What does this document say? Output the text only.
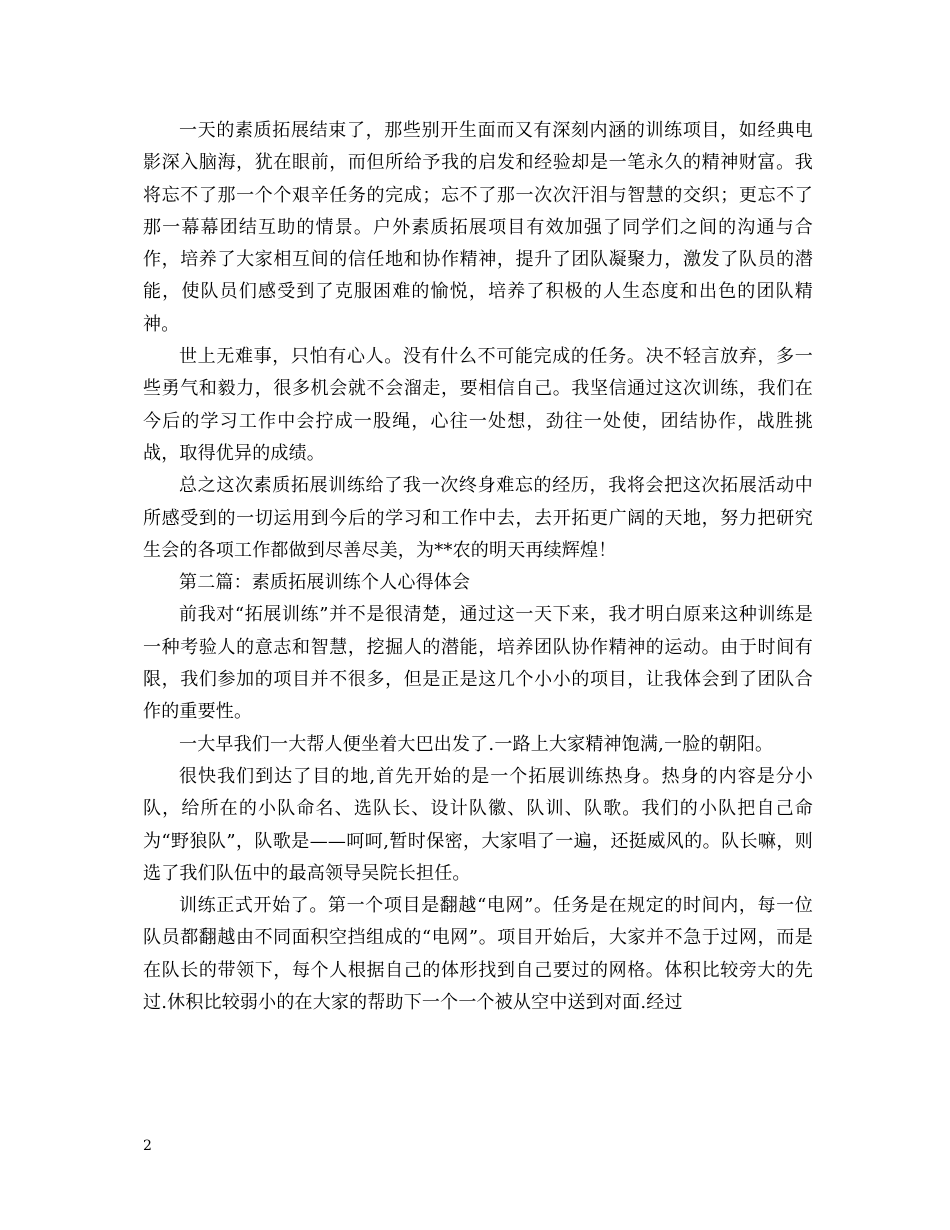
一天的素质拓展结束了，那些别开生面而又有深刻内涵的训练项目，如经典电影深入脑海，犹在眼前，而但所给予我的启发和经验却是一笔永久的精神财富。我将忘不了那一个个艰辛任务的完成；忘不了那一次次汗泪与智慧的交织；更忘不了那一幕幕团结互助的情景。户外素质拓展项目有效加强了同学们之间的沟通与合作，培养了大家相互间的信任地和协作精神，提升了团队凝聚力，激发了队员的潜能，使队员们感受到了克服困难的愉悦，培养了积极的人生态度和出色的团队精神。

世上无难事，只怕有心人。没有什么不可能完成的任务。决不轻言放弃，多一些勇气和毅力，很多机会就不会溜走，要相信自己。我坚信通过这次训练，我们在今后的学习工作中会拧成一股绳，心往一处想，劲往一处使，团结协作，战胜挑战，取得优异的成绩。

总之这次素质拓展训练给了我一次终身难忘的经历，我将会把这次拓展活动中所感受到的一切运用到今后的学习和工作中去，去开拓更广阔的天地，努力把研究生会的各项工作都做到尽善尽美，为**农的明天再续辉煌！

第二篇：素质拓展训练个人心得体会

前我对“拓展训练”并不是很清楚，通过这一天下来，我才明白原来这种训练是一种考验人的意志和智慧，挖掘人的潜能，培养团队协作精神的运动。由于时间有限，我们参加的项目并不很多，但是正是这几个小小的项目，让我体会到了团队合作的重要性。

一大早我们一大帮人便坐着大巴出发了.一路上大家精神饱满,一脸的朝阳。

很快我们到达了目的地,首先开始的是一个拓展训练热身。热身的内容是分小队，给所在的小队命名、选队长、设计队徽、队训、队歌。我们的小队把自己命为“野狼队”，队歌是——呵呵,暂时保密，大家唱了一遍，还挺威风的。队长嘛，则选了我们队伍中的最高领导吴院长担任。

训练正式开始了。第一个项目是翻越“电网”。任务是在规定的时间内，每一位队员都翻越由不同面积空挡组成的“电网”。项目开始后，大家并不急于过网，而是在队长的带领下，每个人根据自己的体形找到自己要过的网格。体积比较旁大的先过.休积比较弱小的在大家的帮助下一个一个被从空中送到对面.经过

2
